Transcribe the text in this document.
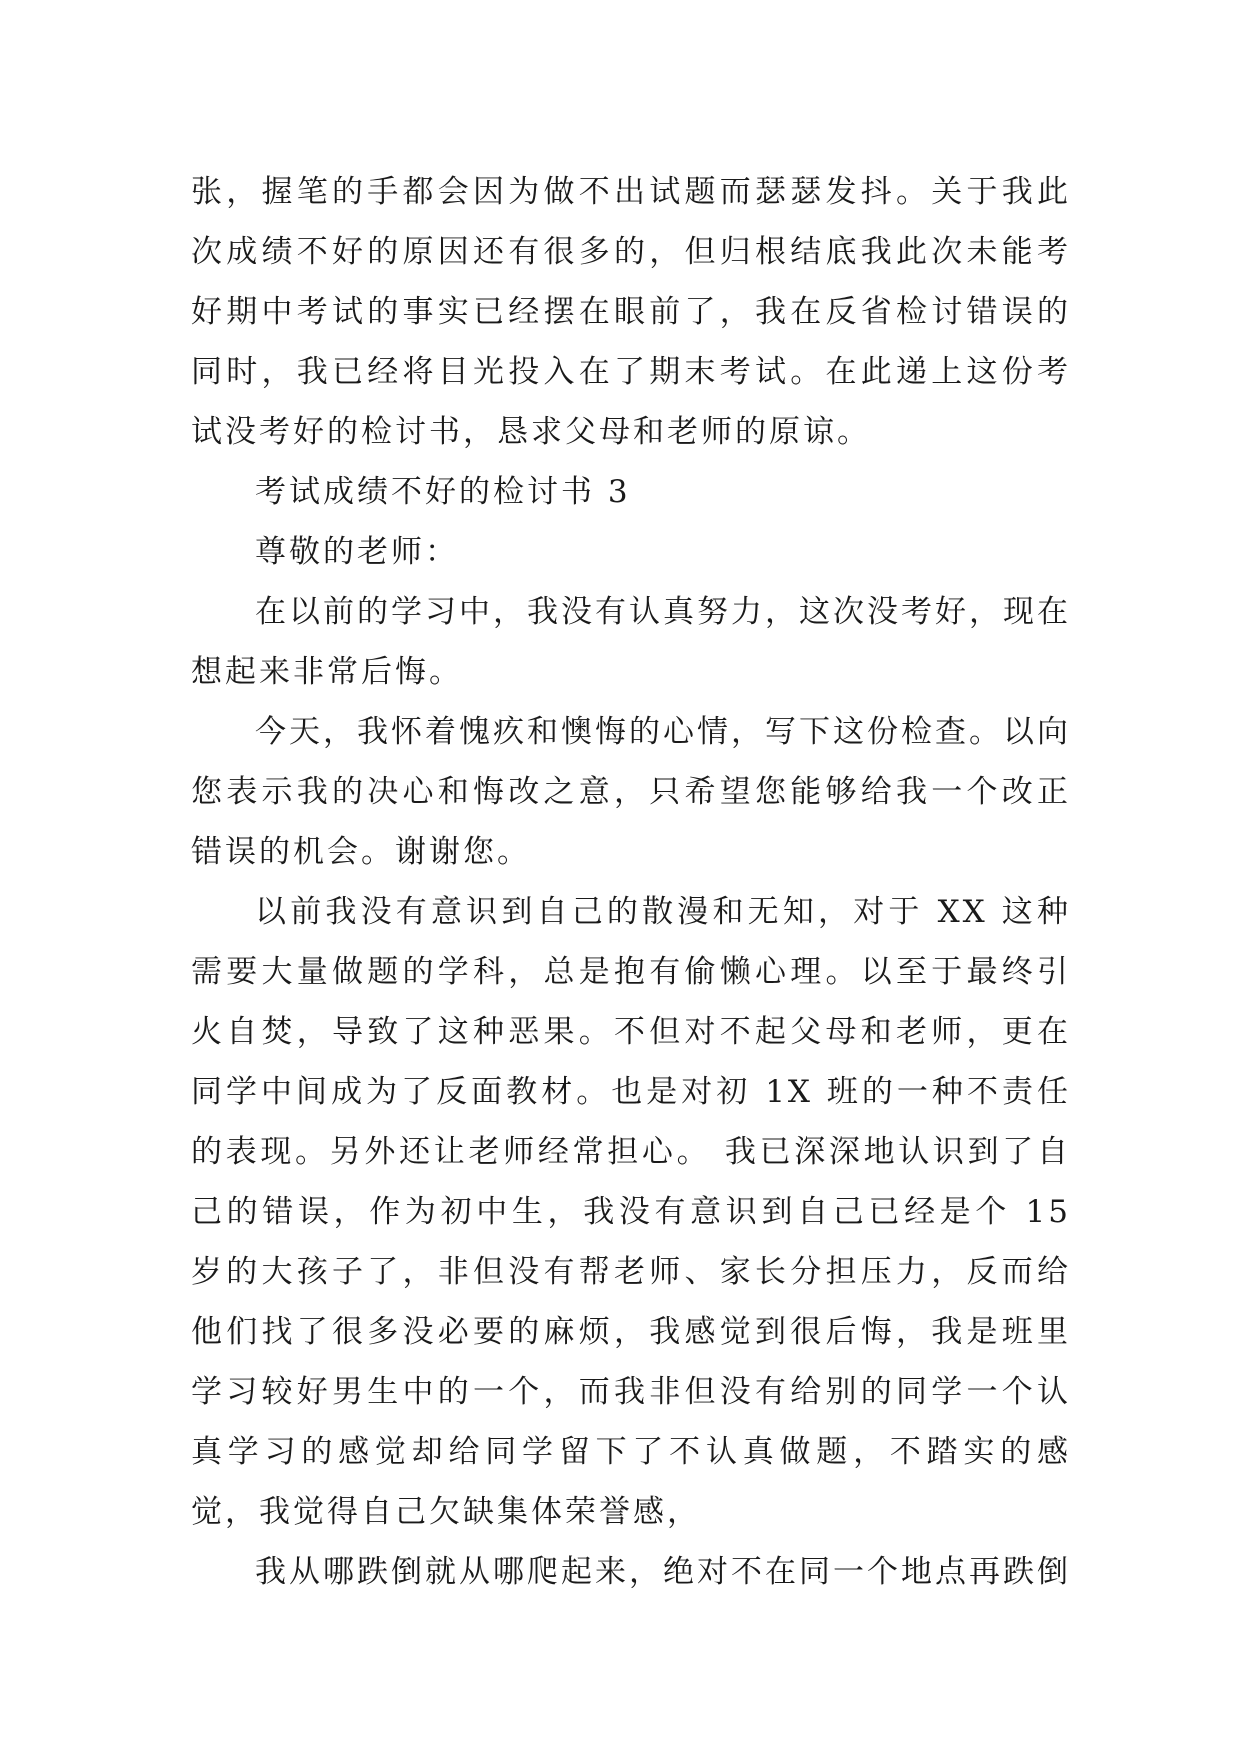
张，握笔的手都会因为做不出试题而瑟瑟发抖。关于我此次成绩不好的原因还有很多的，但归根结底我此次未能考好期中考试的事实已经摆在眼前了，我在反省检讨错误的同时，我已经将目光投入在了期末考试。在此递上这份考试没考好的检讨书，恳求父母和老师的原谅。

考试成绩不好的检讨书 3

尊敬的老师：

在以前的学习中，我没有认真努力，这次没考好，现在想起来非常后悔。

今天，我怀着愧疚和懊悔的心情，写下这份检查。以向您表示我的决心和悔改之意，只希望您能够给我一个改正错误的机会。谢谢您。

以前我没有意识到自己的散漫和无知，对于 XX 这种需要大量做题的学科，总是抱有偷懒心理。以至于最终引火自焚，导致了这种恶果。不但对不起父母和老师，更在同学中间成为了反面教材。也是对初 1X 班的一种不责任的表现。另外还让老师经常担心。 我已深深地认识到了自己的错误，作为初中生，我没有意识到自己已经是个 15 岁的大孩子了，非但没有帮老师、家长分担压力，反而给他们找了很多没必要的麻烦，我感觉到很后悔，我是班里学习较好男生中的一个，而我非但没有给别的同学一个认真学习的感觉却给同学留下了不认真做题，不踏实的感觉，我觉得自己欠缺集体荣誉感，

我从哪跌倒就从哪爬起来，绝对不在同一个地点再跌倒
